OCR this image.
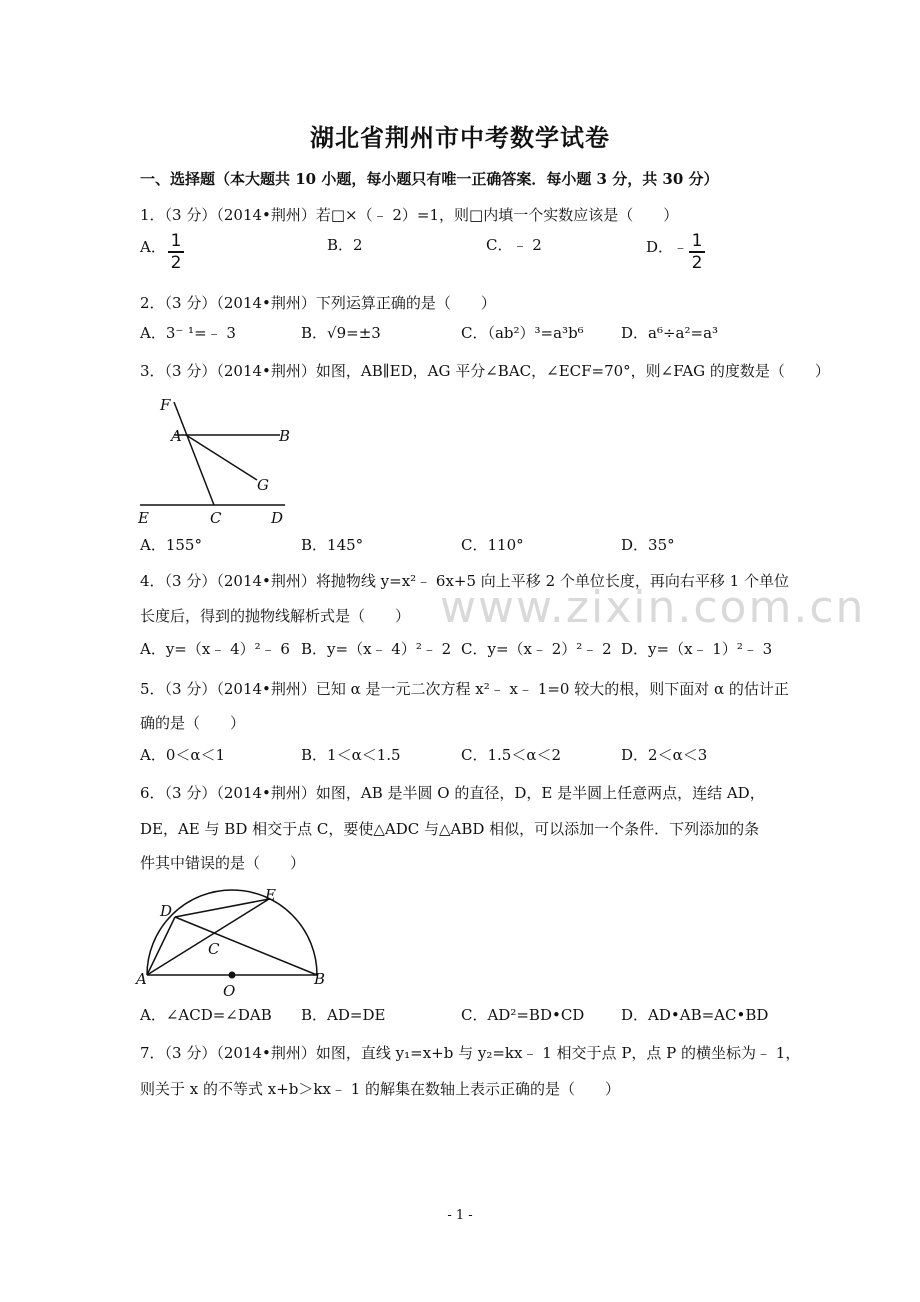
湖北省荆州市中考数学试卷
一、选择题（本大题共 10 小题，每小题只有唯一正确答案．每小题 3 分，共 30 分）
1．（3 分）（2014•荆州）若□×（﹣ 2）=1，则□内填一个实数应该是（　　）
A． 1
2
B．2	C．﹣ 2	D．﹣ 1
2
2．（3 分）（2014•荆州）下列运算正确的是（　　）
A．3⁻ ¹=﹣ 3	B．√9=±3	C．（ab²）³=a³b⁶ D．a⁶÷a²=a³
3．（3 分）（2014•荆州）如图，AB∥ED，AG 平分∠BAC，∠ECF=70°，则∠FAG 的度数是（　　）
F
A	B
G
E	C	D
A．155°	B．145°	C．110°	D．35°
www.zixin.com.cn
4．（3 分）（2014•荆州）将抛物线 y=x²﹣ 6x+5 向上平移 2 个单位长度，再向右平移 1 个单位
长度后，得到的抛物线解析式是（　　）
A．y=（x﹣ 4）²﹣ 6 B．y=（x﹣ 4）²﹣ 2 C．y=（x﹣ 2）²﹣ 2 D．y=（x﹣ 1）²﹣ 3
5．（3 分）（2014•荆州）已知 α 是一元二次方程 x²﹣ x﹣ 1=0 较大的根，则下面对 α 的估计正
确的是（　　）
A．0＜α＜1	B．1＜α＜1.5	C．1.5＜α＜2	D．2＜α＜3
6．（3 分）（2014•荆州）如图，AB 是半圆 O 的直径，D，E 是半圆上任意两点，连结 AD，
DE，AE 与 BD 相交于点 C，要使△ADC 与△ABD 相似，可以添加一个条件．下列添加的条
件其中错误的是（　　）
D
E
C
A	B
O
A．∠ACD=∠DAB B．AD=DE	C．AD²=BD•CD D．AD•AB=AC•BD
7．（3 分）（2014•荆州）如图，直线 y₁=x+b 与 y₂=kx﹣ 1 相交于点 P，点 P 的横坐标为﹣ 1，
则关于 x 的不等式 x+b＞kx﹣ 1 的解集在数轴上表示正确的是（　　）
- 1 -
